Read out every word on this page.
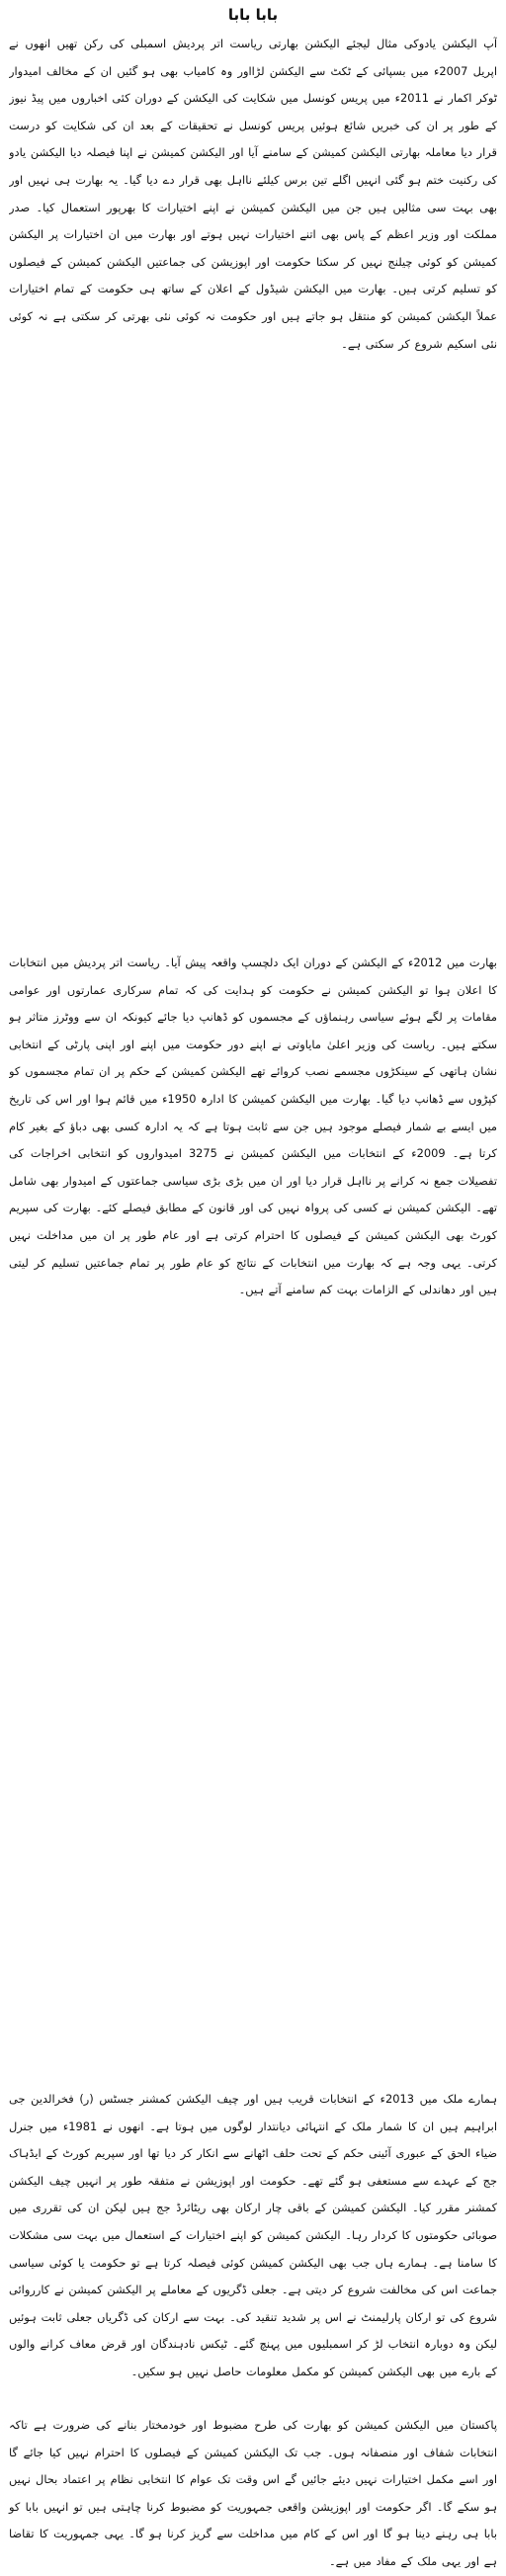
بابا بابا

آپ الیکشن یادوکی مثال لیجئے الیکشن بھارتی ریاست اتر پردیش اسمبلی کی رکن تھیں انھوں نے اپریل 2007ء میں بسپائی کے ٹکٹ سے الیکشن لڑااور وہ کامیاب بھی ہو گئیں ان کے مخالف امیدوار ٹوکر اکمار نے 2011ء میں پریس کونسل میں شکایت کی الیکشن کے دوران کئی اخباروں میں پیڈ نیوز کے طور پر ان کی خبریں شائع ہوئیں پریس کونسل نے تحقیقات کے بعد ان کی شکایت کو درست قرار دیا معاملہ بھارتی الیکشن کمیشن کے سامنے آیا اور الیکشن کمیشن نے اپنا فیصلہ دیا الیکشن یادو کی رکنیت ختم ہو گئی انہیں اگلے تین برس کیلئے نااہل بھی قرار دے دیا گیا۔ یہ بھارت ہی نہیں اور بھی بہت سی مثالیں ہیں جن میں الیکشن کمیشن نے اپنے اختیارات کا بھرپور استعمال کیا۔ صدر مملکت اور وزیر اعظم کے پاس بھی اتنے اختیارات نہیں ہوتے اور بھارت میں ان اختیارات پر الیکشن کمیشن کو کوئی چیلنج نہیں کر سکتا حکومت اور اپوزیشن کی جماعتیں الیکشن کمیشن کے فیصلوں کو تسلیم کرتی ہیں۔ بھارت میں الیکشن شیڈول کے اعلان کے ساتھ ہی حکومت کے تمام اختیارات عملاً الیکشن کمیشن کو منتقل ہو جاتے ہیں اور حکومت نہ کوئی نئی بھرتی کر سکتی ہے نہ کوئی نئی اسکیم شروع کر سکتی ہے۔

بھارت میں 2012ء کے الیکشن کے دوران ایک دلچسپ واقعہ پیش آیا۔ ریاست اتر پردیش میں انتخابات کا اعلان ہوا تو الیکشن کمیشن نے حکومت کو ہدایت کی کہ تمام سرکاری عمارتوں اور عوامی مقامات پر لگے ہوئے سیاسی رہنماؤں کے مجسموں کو ڈھانپ دیا جائے کیونکہ ان سے ووٹرز متاثر ہو سکتے ہیں۔ ریاست کی وزیر اعلیٰ مایاوتی نے اپنے دور حکومت میں اپنے اور اپنی پارٹی کے انتخابی نشان ہاتھی کے سینکڑوں مجسمے نصب کروائے تھے الیکشن کمیشن کے حکم پر ان تمام مجسموں کو کپڑوں سے ڈھانپ دیا گیا۔ بھارت میں الیکشن کمیشن کا ادارہ 1950ء میں قائم ہوا اور اس کی تاریخ میں ایسے بے شمار فیصلے موجود ہیں جن سے ثابت ہوتا ہے کہ یہ ادارہ کسی بھی دباؤ کے بغیر کام کرتا ہے۔ 2009ء کے انتخابات میں الیکشن کمیشن نے 3275 امیدواروں کو انتخابی اخراجات کی تفصیلات جمع نہ کرانے پر نااہل قرار دیا اور ان میں بڑی بڑی سیاسی جماعتوں کے امیدوار بھی شامل تھے۔ الیکشن کمیشن نے کسی کی پرواہ نہیں کی اور قانون کے مطابق فیصلے کئے۔ بھارت کی سپریم کورٹ بھی الیکشن کمیشن کے فیصلوں کا احترام کرتی ہے اور عام طور پر ان میں مداخلت نہیں کرتی۔ یہی وجہ ہے کہ بھارت میں انتخابات کے نتائج کو عام طور پر تمام جماعتیں تسلیم کر لیتی ہیں اور دھاندلی کے الزامات بہت کم سامنے آتے ہیں۔

ہمارے ملک میں 2013ء کے انتخابات قریب ہیں اور چیف الیکشن کمشنر جسٹس (ر) فخرالدین جی ابراہیم ہیں ان کا شمار ملک کے انتہائی دیانتدار لوگوں میں ہوتا ہے۔ انھوں نے 1981ء میں جنرل ضیاء الحق کے عبوری آئینی حکم کے تحت حلف اٹھانے سے انکار کر دیا تھا اور سپریم کورٹ کے ایڈہاک جج کے عہدے سے مستعفی ہو گئے تھے۔ حکومت اور اپوزیشن نے متفقہ طور پر انہیں چیف الیکشن کمشنر مقرر کیا۔ الیکشن کمیشن کے باقی چار ارکان بھی ریٹائرڈ جج ہیں لیکن ان کی تقرری میں صوبائی حکومتوں کا کردار رہا۔ الیکشن کمیشن کو اپنے اختیارات کے استعمال میں بہت سی مشکلات کا سامنا ہے۔ ہمارے ہاں جب بھی الیکشن کمیشن کوئی فیصلہ کرتا ہے تو حکومت یا کوئی سیاسی جماعت اس کی مخالفت شروع کر دیتی ہے۔ جعلی ڈگریوں کے معاملے پر الیکشن کمیشن نے کارروائی شروع کی تو ارکان پارلیمنٹ نے اس پر شدید تنقید کی۔ بہت سے ارکان کی ڈگریاں جعلی ثابت ہوئیں لیکن وہ دوبارہ انتخاب لڑ کر اسمبلیوں میں پہنچ گئے۔ ٹیکس نادہندگان اور قرض معاف کرانے والوں کے بارے میں بھی الیکشن کمیشن کو مکمل معلومات حاصل نہیں ہو سکیں۔

پاکستان میں الیکشن کمیشن کو بھارت کی طرح مضبوط اور خودمختار بنانے کی ضرورت ہے تاکہ انتخابات شفاف اور منصفانہ ہوں۔ جب تک الیکشن کمیشن کے فیصلوں کا احترام نہیں کیا جائے گا اور اسے مکمل اختیارات نہیں دیئے جائیں گے اس وقت تک عوام کا انتخابی نظام پر اعتماد بحال نہیں ہو سکے گا۔ اگر حکومت اور اپوزیشن واقعی جمہوریت کو مضبوط کرنا چاہتی ہیں تو انہیں بابا کو بابا ہی رہنے دینا ہو گا اور اس کے کام میں مداخلت سے گریز کرنا ہو گا۔ یہی جمہوریت کا تقاضا ہے اور یہی ملک کے مفاد میں ہے۔
